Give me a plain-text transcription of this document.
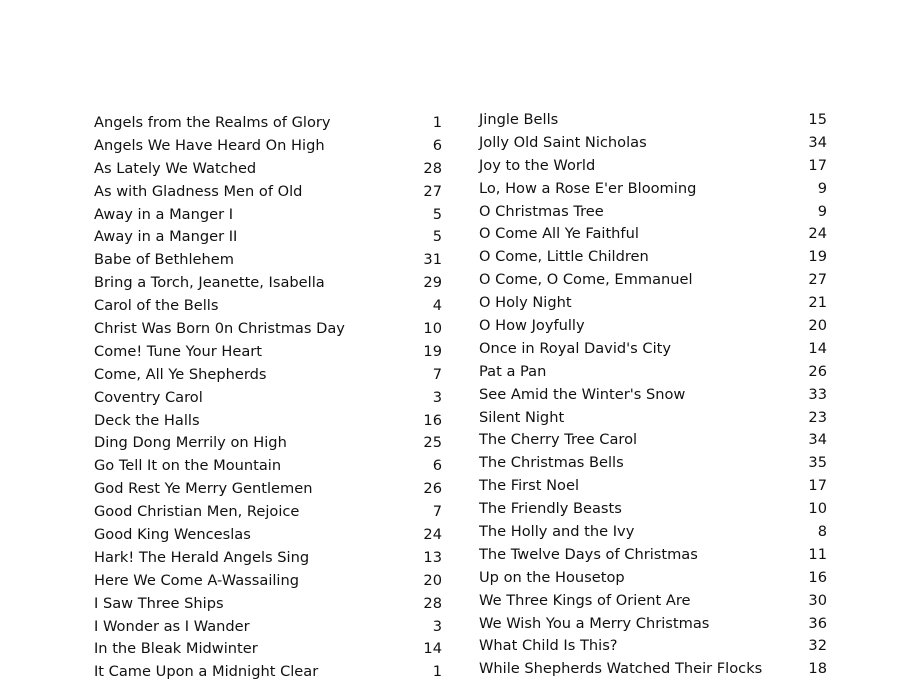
Angels from the Realms of Glory	1
Angels We Have Heard On High	6
As Lately We Watched	28
As with Gladness Men of Old	27
Away in a Manger I	5
Away in a Manger II	5
Babe of Bethlehem	31
Bring a Torch, Jeanette, Isabella	29
Carol of the Bells	4
Christ Was Born 0n Christmas Day	10
Come! Tune Your Heart	19
Come, All Ye Shepherds	7
Coventry Carol	3
Deck the Halls	16
Ding Dong Merrily on High	25
Go Tell It on the Mountain	6
God Rest Ye Merry Gentlemen	26
Good Christian Men, Rejoice	7
Good King Wenceslas	24
Hark! The Herald Angels Sing	13
Here We Come A-Wassailing	20
I Saw Three Ships	28
I Wonder as I Wander	3
In the Bleak Midwinter	14
It Came Upon a Midnight Clear	1
Jingle Bells	15
Jolly Old Saint Nicholas	34
Joy to the World	17
Lo, How a Rose E'er Blooming	9
O Christmas Tree	9
O Come All Ye Faithful	24
O Come, Little Children	19
O Come, O Come, Emmanuel	27
O Holy Night	21
O How Joyfully	20
Once in Royal David's City	14
Pat a Pan	26
See Amid the Winter's Snow	33
Silent Night	23
The Cherry Tree Carol	34
The Christmas Bells	35
The First Noel	17
The Friendly Beasts	10
The Holly and the Ivy	8
The Twelve Days of Christmas	11
Up on the Housetop	16
We Three Kings of Orient Are	30
We Wish You a Merry Christmas	36
What Child Is This?	32
While Shepherds Watched Their Flocks	18
